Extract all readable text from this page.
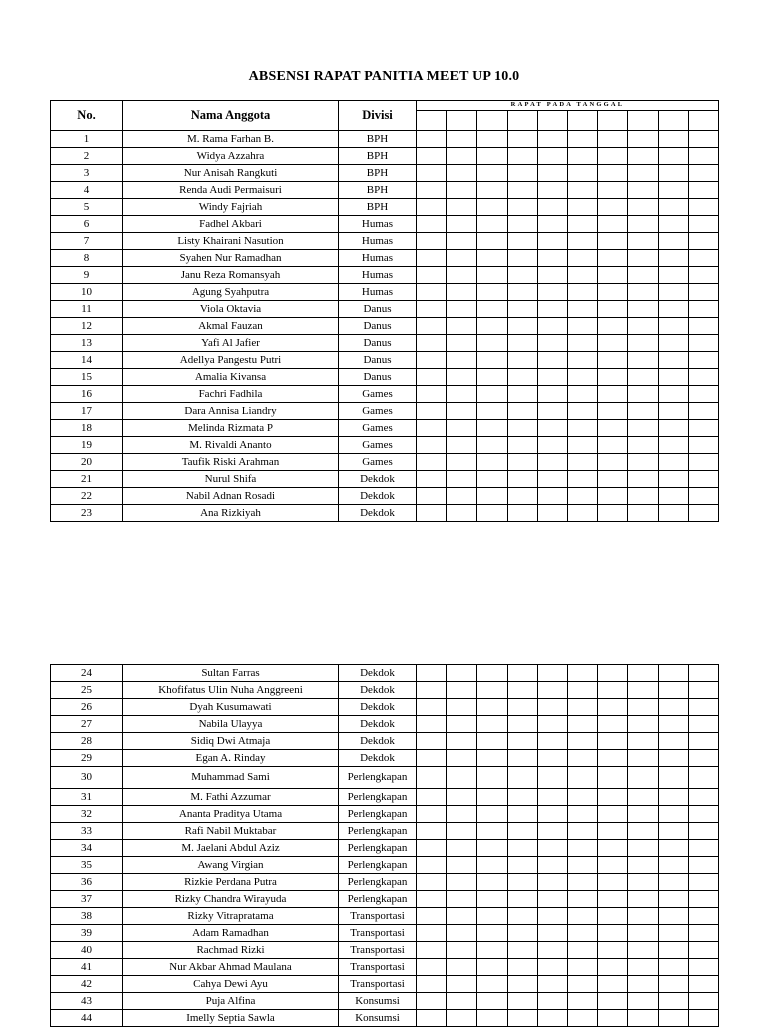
ABSENSI RAPAT PANITIA MEET UP 10.0
No.	Nama Anggota	Divisi	RAPAT PADA TANGGAL									

1	M. Rama Farhan B.	BPH										
2	Widya Azzahra	BPH										
3	Nur Anisah Rangkuti	BPH										
4	Renda Audi Permaisuri	BPH										
5	Windy Fajriah	BPH										
6	Fadhel Akbari	Humas										
7	Listy Khairani Nasution	Humas										
8	Syahen Nur Ramadhan	Humas										
9	Janu Reza Romansyah	Humas										
10	Agung Syahputra	Humas										
11	Viola Oktavia	Danus										
12	Akmal Fauzan	Danus										
13	Yafi Al Jafier	Danus										
14	Adellya Pangestu Putri	Danus										
15	Amalia Kivansa	Danus										
16	Fachri Fadhila	Games										
17	Dara Annisa Liandry	Games										
18	Melinda Rizmata P	Games										
19	M. Rivaldi Ananto	Games										
20	Taufik Riski Arahman	Games										
21	Nurul Shifa	Dekdok										
22	Nabil Adnan Rosadi	Dekdok										
23	Ana Rizkiyah	Dekdok										
24	Sultan Farras	Dekdok										
25	Khofifatus Ulin Nuha Anggreeni	Dekdok										
26	Dyah Kusumawati	Dekdok										
27	Nabila Ulayya	Dekdok										
28	Sidiq Dwi Atmaja	Dekdok										
29	Egan A. Rinday	Dekdok										
30	Muhammad Sami	Perlengkapan										
31	M. Fathi Azzumar	Perlengkapan										
32	Ananta Praditya Utama	Perlengkapan										
33	Rafi Nabil Muktabar	Perlengkapan										
34	M. Jaelani Abdul Aziz	Perlengkapan										
35	Awang Virgian	Perlengkapan										
36	Rizkie Perdana Putra	Perlengkapan										
37	Rizky Chandra Wirayuda	Perlengkapan										
38	Rizky Vitrapratama	Transportasi										
39	Adam Ramadhan	Transportasi										
40	Rachmad Rizki	Transportasi										
41	Nur Akbar Ahmad Maulana	Transportasi										
42	Cahya Dewi Ayu	Transportasi										
43	Puja Alfina	Konsumsi										
44	Imelly Septia Sawla	Konsumsi										
